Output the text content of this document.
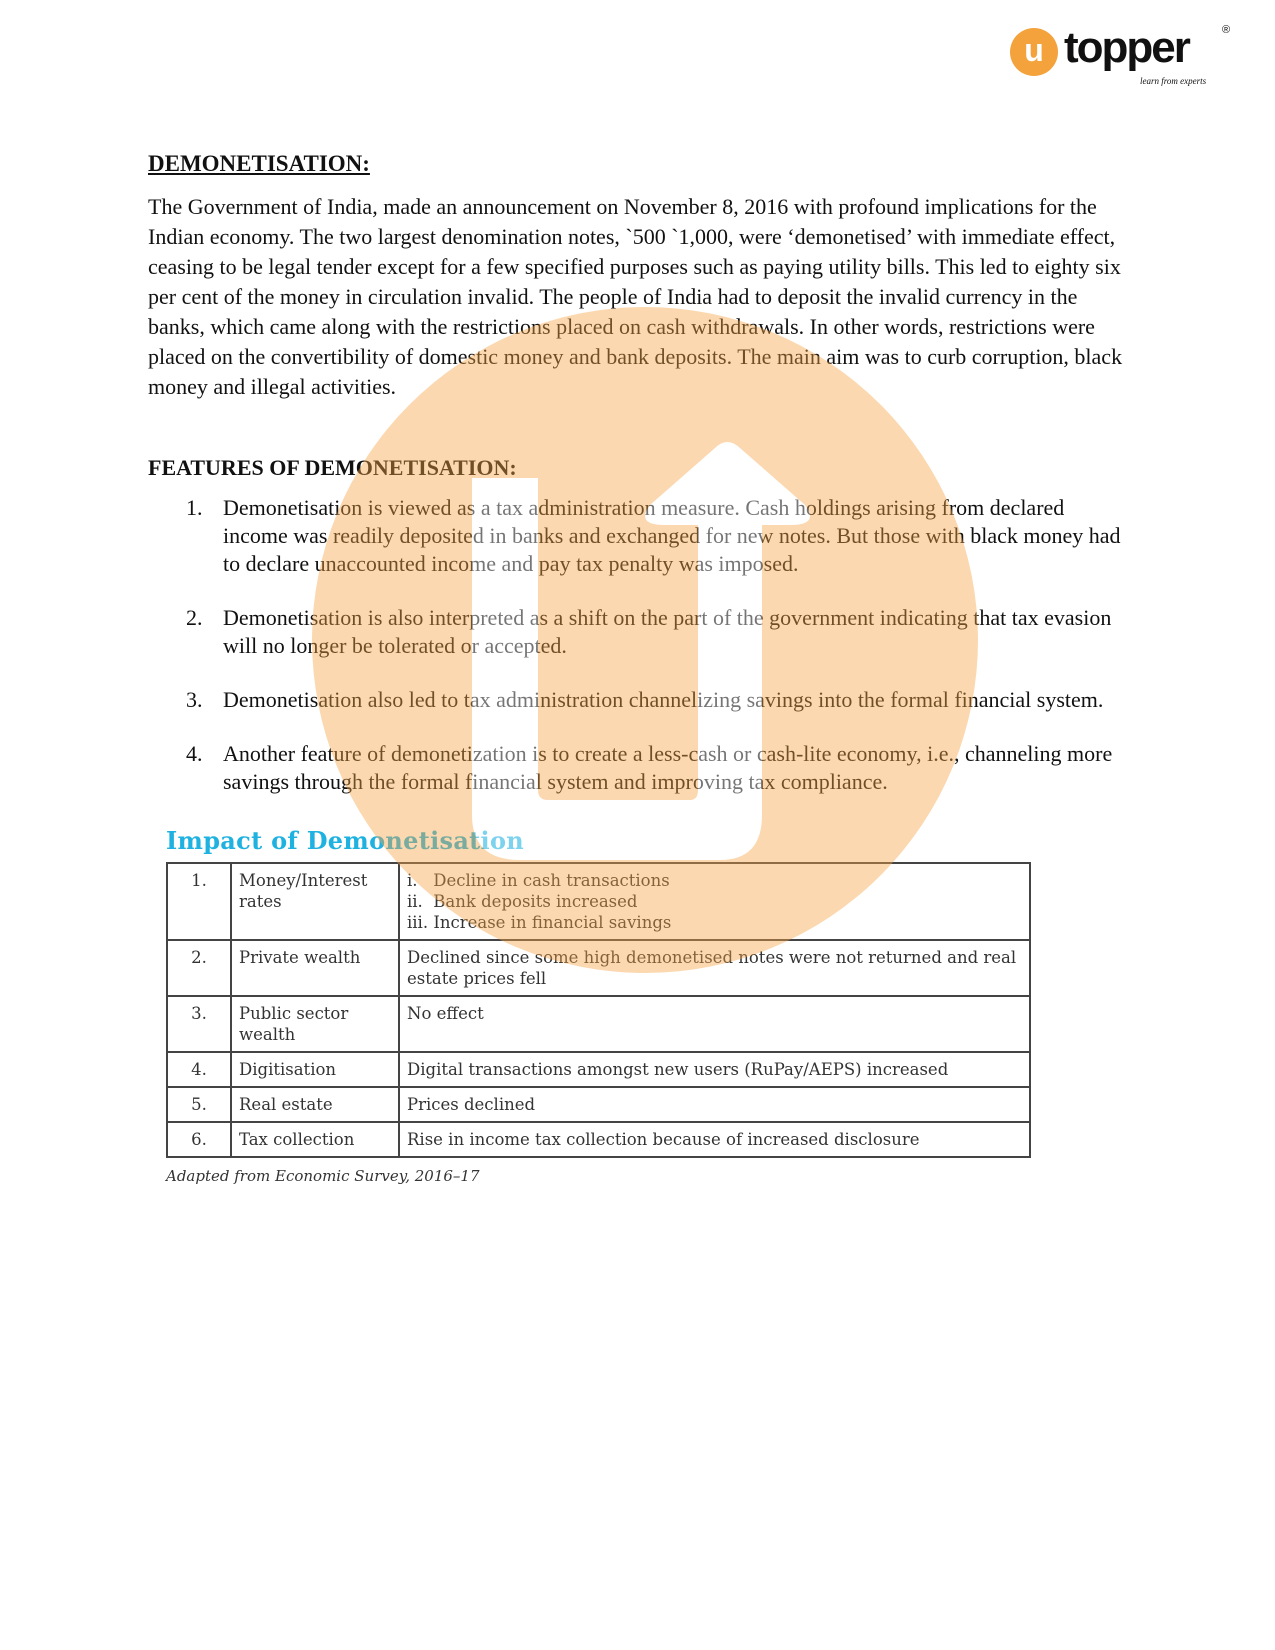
u topper	®
learn from experts
DEMONETISATION:

The Government of India, made an announcement on November 8, 2016 with profound implications for the Indian economy. The two largest denomination notes, `500 `1,000, were ‘demonetised’ with immediate effect, ceasing to be legal tender except for a few specified purposes such as paying utility bills. This led to eighty six per cent of the money in circulation invalid. The people of India had to deposit the invalid currency in the banks, which came along with the restrictions placed on cash withdrawals. In other words, restrictions were placed on the convertibility of domestic money and bank deposits. The main aim was to curb corruption, black money and illegal activities.

FEATURES OF DEMONETISATION:
1. Demonetisation is viewed as a tax administration measure. Cash holdings arising from declared income was readily deposited in banks and exchanged for new notes. But those with black money had to declare unaccounted income and pay tax penalty was imposed.
2. Demonetisation is also interpreted as a shift on the part of the government indicating that tax evasion will no longer be tolerated or accepted.
3. Demonetisation also led to tax administration channelizing savings into the formal financial system.
4. Another feature of demonetization is to create a less-cash or cash-lite economy, i.e., channeling more savings through the formal financial system and improving tax compliance.
Impact of Demonetisation
1.	Money/Interest rates	i.   Decline in cash transactions
ii.  Bank deposits increased
iii. Increase in financial savings

2.	Private wealth	Declined since some high demonetised notes were not returned and real estate prices fell
3.	Public sector wealth	No effect
4.	Digitisation	Digital transactions amongst new users (RuPay/AEPS) increased
5.	Real estate	Prices declined
6.	Tax collection	Rise in income tax collection because of increased disclosure
Adapted from Economic Survey, 2016–17
